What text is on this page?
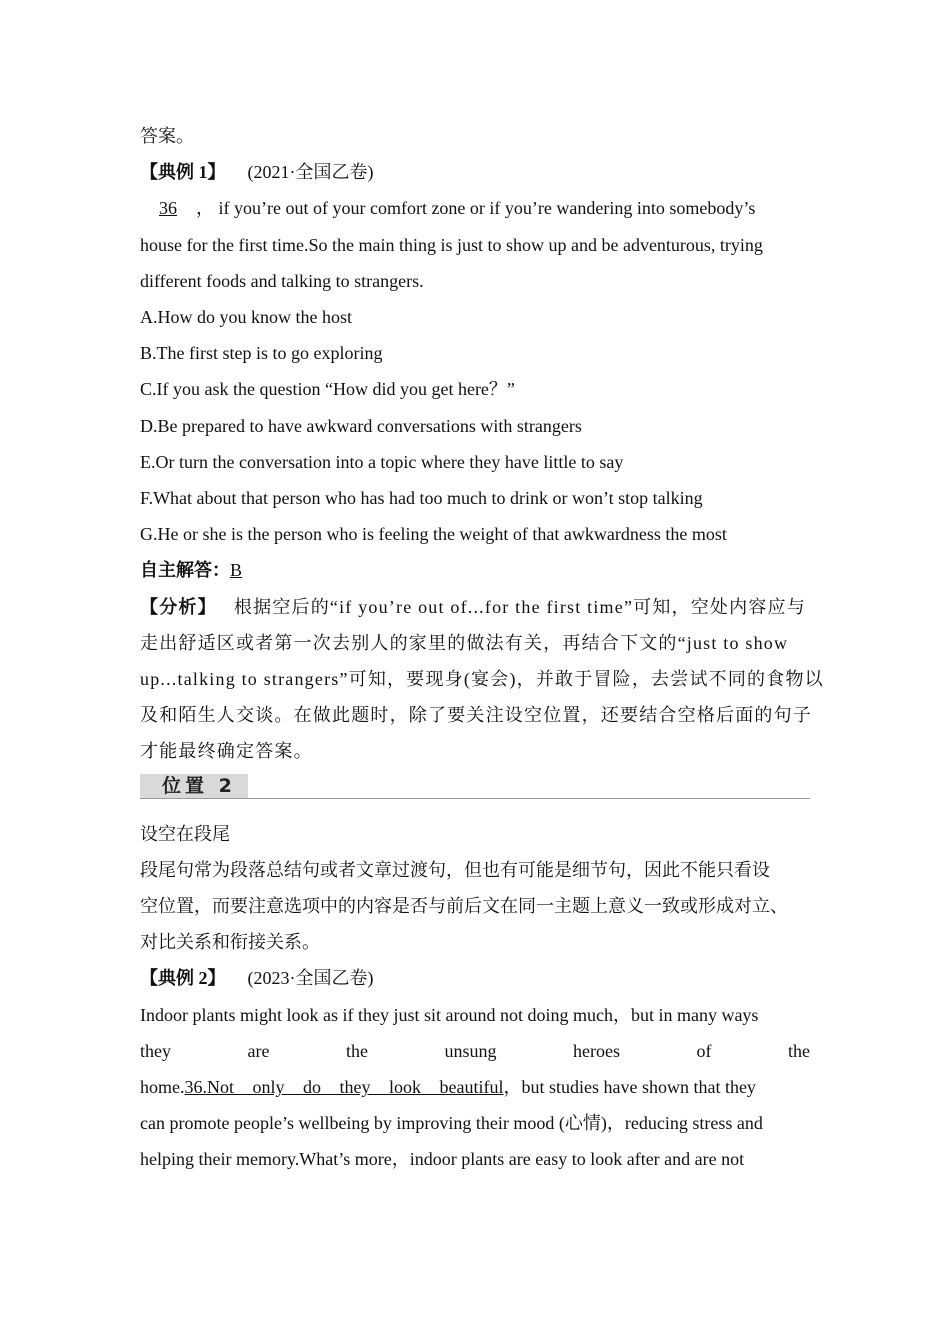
答案。
【典例 1】 (2021·全国乙卷)
36 ， if you’re out of your comfort zone or if you’re wandering into somebody’s
house for the first time.So the main thing is just to show up and be adventurous, trying
different foods and talking to strangers.
A.How do you know the host
B.The first step is to go exploring
C.If you ask the question “How did you get here？”
D.Be prepared to have awkward conversations with strangers
E.Or turn the conversation into a topic where they have little to say
F.What about that person who has had too much to drink or won’t stop talking
G.He or she is the person who is feeling the weight of that awkwardness the most
自主解答：B
【分析】 根据空后的“if you’re out of...for the first time”可知，空处内容应与
走出舒适区或者第一次去别人的家里的做法有关，再结合下文的“just to show
up...talking to strangers”可知，要现身(宴会)，并敢于冒险，去尝试不同的食物以
及和陌生人交谈。在做此题时，除了要关注设空位置，还要结合空格后面的句子
才能最终确定答案。
位置 2
设空在段尾
段尾句常为段落总结句或者文章过渡句，但也有可能是细节句，因此不能只看设
空位置，而要注意选项中的内容是否与前后文在同一主题上意义一致或形成对立、
对比关系和衔接关系。
【典例 2】 (2023·全国乙卷)
Indoor plants might look as if they just sit around not doing much，but in many ways
they are the unsung heroes of the
home.36.Not only do they look beautiful，but studies have shown that they
can promote people’s wellbeing by improving their mood (心情)，reducing stress and
helping their memory.What’s more，indoor plants are easy to look after and are not
